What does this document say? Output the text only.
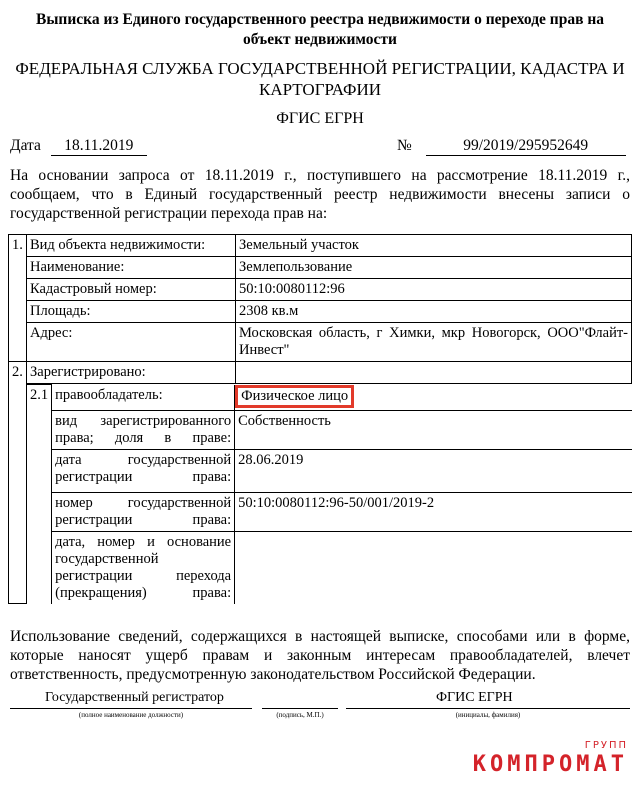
Выписка из Единого государственного реестра недвижимости о переходе прав на объект недвижимости
ФЕДЕРАЛЬНАЯ СЛУЖБА ГОСУДАРСТВЕННОЙ РЕГИСТРАЦИИ, КАДАСТРА И КАРТОГРАФИИ
ФГИС ЕГРН
Дата 18.11.2019	№	99/2019/295952649
На основании запроса от 18.11.2019 г., поступившего на рассмотрение 18.11.2019 г., сообщаем, что в Единый государственный реестр недвижимости внесены записи о государственной регистрации перехода прав на:
1.	Вид объекта недвижимости:	Земельный участок
Наименование:	Землепользование
Кадастровый номер:	50:10:0080112:96
Площадь:	2308 кв.м
Адрес:	Московская область, г Химки, мкр Новогорск, ООО"Флайт-Инвест"
2.	Зарегистрировано:	

2.1	правообладатель:	Физическое лицо
вид зарегистрированного права; доля в праве:	Собственность
дата государственной регистрации права:	28.06.2019
номер государственной регистрации права:	50:10:0080112:96-50/001/2019-2
дата, номер и основание государственной регистрации перехода (прекращения) права:	
Использование сведений, содержащихся в настоящей выписке, способами или в форме, которые наносят ущерб правам и законным интересам правообладателей, влечет ответственность, предусмотренную законодательством Российской Федерации.
Государственный регистратор	ФГИС ЕГРН
(полное наименование должности)	(подпись, М.П.)	(инициалы, фамилия)
ГРУПП
КОМПРОМАТ
